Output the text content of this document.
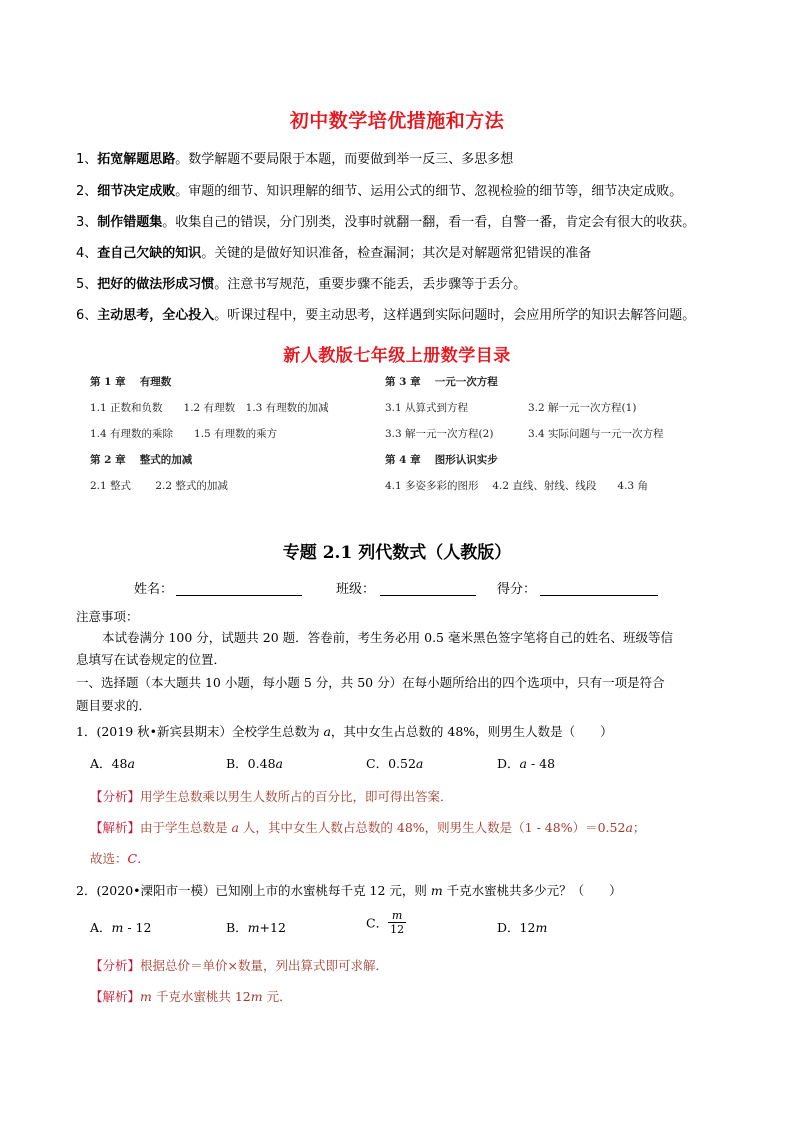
初中数学培优措施和方法
1、拓宽解题思路。数学解题不要局限于本题，而要做到举一反三、多思多想
2、细节决定成败。审题的细节、知识理解的细节、运用公式的细节、忽视检验的细节等，细节决定成败。
3、制作错题集。收集自己的错误，分门别类，没事时就翻一翻，看一看，自警一番，肯定会有很大的收获。
4、查自己欠缺的知识。关键的是做好知识准备，检查漏洞；其次是对解题常犯错误的准备
5、把好的做法形成习惯。注意书写规范，重要步骤不能丢，丢步骤等于丢分。
6、主动思考，全心投入。听课过程中，要主动思考，这样遇到实际问题时，会应用所学的知识去解答问题。
新人教版七年级上册数学目录
第 1 章　 有理数
1.1 正数和负数　　1.2 有理数　1.3 有理数的加减
1.4 有理数的乘除　　1.5 有理数的乘方
第 2 章　 整式的加减
2.1 整式　　 2.2 整式的加减
第 3 章　 一元一次方程
3.1 从算式到方程	3.2 解一元一次方程(1)
3.3 解一元一次方程(2)	3.4 实际问题与一元一次方程
第 4 章　 图形认识实步
4.1 多姿多彩的图形　 4.2 直线、射线、线段　　4.3 角
专题 2.1 列代数式（人教版）
姓名：	班级：	得分：
注意事项：
本试卷满分 100 分，试题共 20 题．答卷前，考生务必用 0.5 毫米黑色签字笔将自己的姓名、班级等信
息填写在试卷规定的位置．
一、选择题（本大题共 10 小题，每小题 5 分，共 50 分）在每小题所给出的四个选项中，只有一项是符合
题目要求的．
1．(2019 秋•新宾县期末）全校学生总数为 a，其中女生占总数的 48%，则男生人数是（　　）
A．48a	B．0.48a	C．0.52a	D．a - 48
【分析】用学生总数乘以男生人数所占的百分比，即可得出答案．
【解析】由于学生总数是 a 人，其中女生人数占总数的 48%，则男生人数是（1 - 48%）＝0.52a；
故选：C．
2．(2020•溧阳市一模）已知刚上市的水蜜桃每千克 12 元，则 m 千克水蜜桃共多少元？（　　）
A．m - 12	B．m+12	C． $\frac{m}{12}$	D．12m
【分析】根据总价＝单价×数量，列出算式即可求解．
【解析】m 千克水蜜桃共 12m 元．
